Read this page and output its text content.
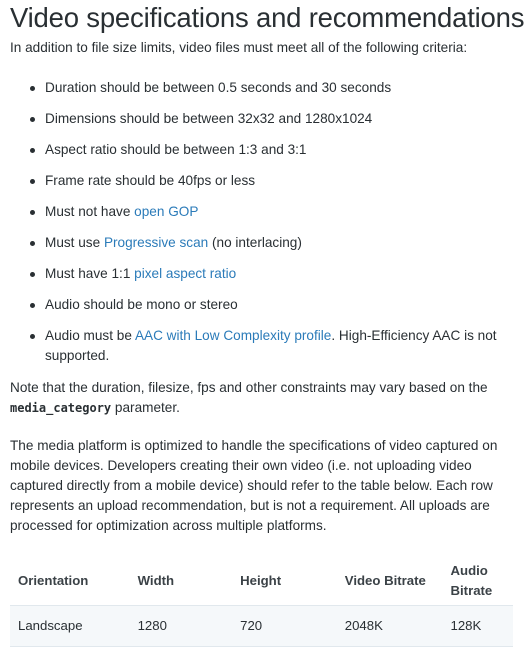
Video specifications and recommendations

In addition to file size limits, video files must meet all of the following criteria:

Duration should be between 0.5 seconds and 30 seconds
Dimensions should be between 32x32 and 1280x1024
Aspect ratio should be between 1:3 and 3:1
Frame rate should be 40fps or less
Must not have open GOP
Must use Progressive scan (no interlacing)
Must have 1:1 pixel aspect ratio
Audio should be mono or stereo
Audio must be AAC with Low Complexity profile. High-Efficiency AAC is not supported.

Note that the duration, filesize, fps and other constraints may vary based on the media_category parameter.

The media platform is optimized to handle the specifications of video captured on mobile devices. Developers creating their own video (i.e. not uploading video captured directly from a mobile device) should refer to the table below. Each row represents an upload recommendation, but is not a requirement. All uploads are processed for optimization across multiple platforms.

Orientation	Width	Height	Video Bitrate	Audio Bitrate
Landscape	1280	720	2048K	128K
